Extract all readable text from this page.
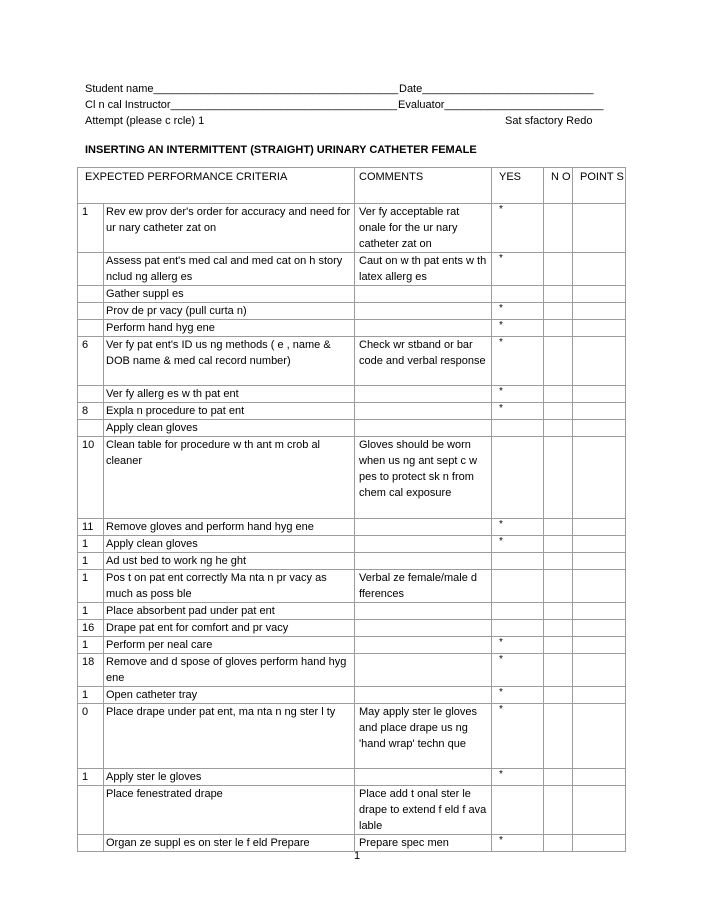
Student name________________________________________ Date____________________________
Cl n cal Instructor_____________________________________ Evaluator__________________________
Attempt (please c rcle) 1	Sat sfactory Redo
INSERTING AN INTERMITTENT (STRAIGHT) URINARY CATHETER FEMALE
EXPECTED PERFORMANCE CRITERIA		COMMENTS	YES	N O	POINT S
1	Rev ew prov der's order for accuracy and need for ur nary catheter zat on	Ver fy acceptable rat onale for the ur nary catheter zat on	*		
	Assess pat ent's med cal and med cat on h story nclud ng allerg es	Caut on w th pat ents w th latex allerg es	*		
	Gather suppl es				
	Prov de pr vacy (pull curta n)		*		
	Perform hand hyg ene		*		
6	Ver fy pat ent's ID us ng methods ( e , name & DOB name & med cal record number)	Check wr stband or bar code and verbal response	*		
	Ver fy allerg es w th pat ent		*		
8	Expla n procedure to pat ent		*		
	Apply clean gloves				
10	Clean table for procedure w th ant m crob al cleaner	Gloves should be worn when us ng ant sept c w pes to protect sk n from chem cal exposure			
11	Remove gloves and perform hand hyg ene		*		
1	Apply clean gloves		*		
1	Ad ust bed to work ng he ght				
1	Pos t on pat ent correctly Ma nta n pr vacy as much as poss ble	Verbal ze female/male d fferences			
1	Place absorbent pad under pat ent				
16	Drape pat ent for comfort and pr vacy				
1	Perform per neal care		*		
18	Remove and d spose of gloves perform hand hyg ene		*		
1	Open catheter tray		*		
0	Place drape under pat ent, ma nta n ng ster l ty	May apply ster le gloves and place drape us ng 'hand wrap' techn que	*		
1	Apply ster le gloves		*		
	Place fenestrated drape	Place add t onal ster le drape to extend f eld f ava lable			
	Organ ze suppl es on ster le f eld Prepare	Prepare spec men	*		
1
